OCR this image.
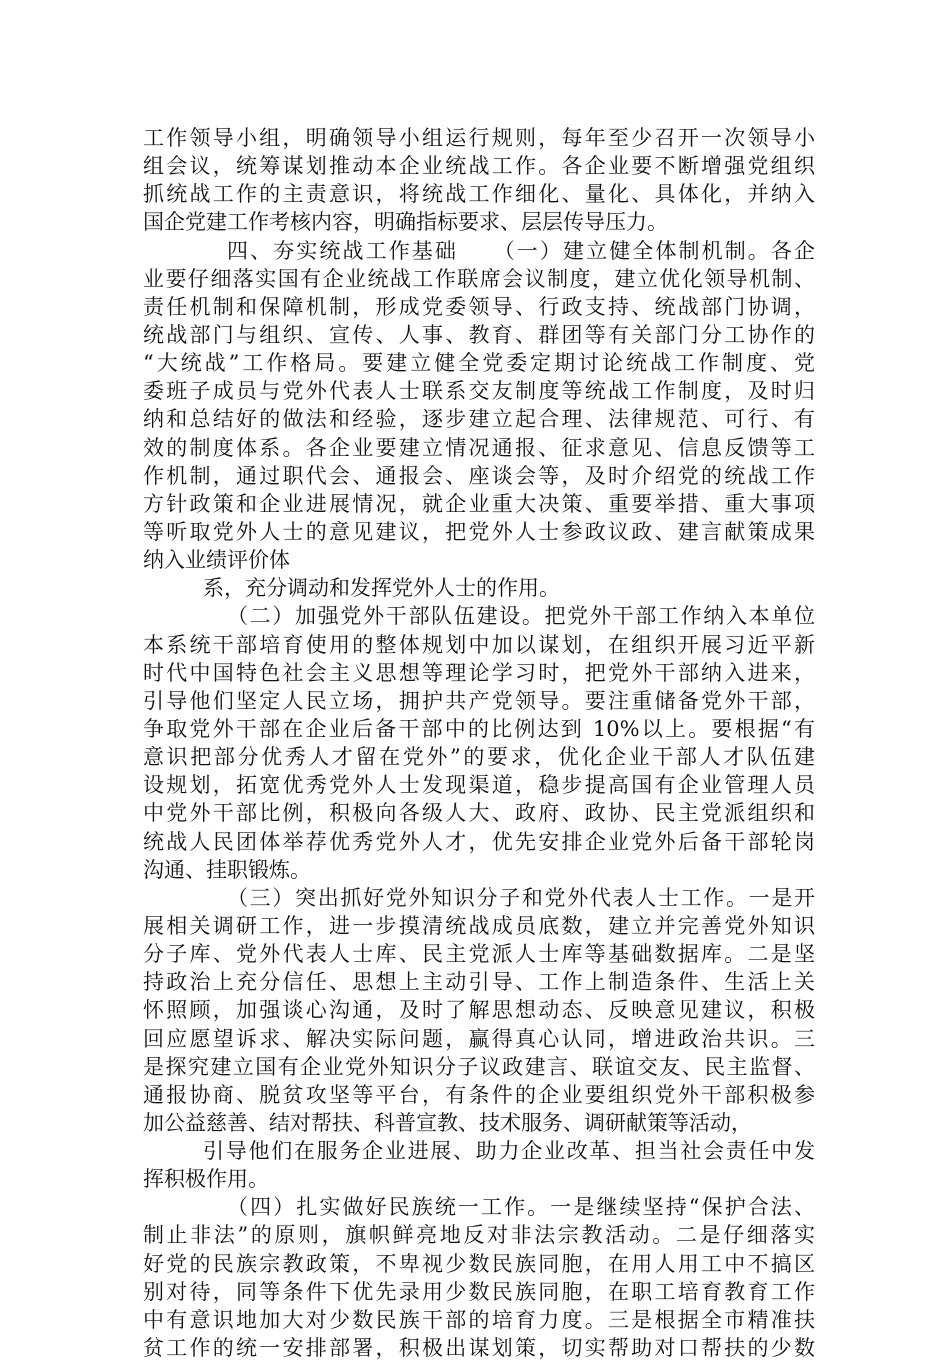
工作领导小组，明确领导小组运行规则，每年至少召开一次领导小
组会议，统筹谋划推动本企业统战工作。各企业要不断增强党组织
抓统战工作的主责意识，将统战工作细化、量化、具体化，并纳入
国企党建工作考核内容，明确指标要求、层层传导压力。
四、夯实统战工作基础　　（一）建立健全体制机制。各企
业要仔细落实国有企业统战工作联席会议制度，建立优化领导机制、
责任机制和保障机制，形成党委领导、行政支持、统战部门协调，
统战部门与组织、宣传、人事、教育、群团等有关部门分工协作的
“大统战”工作格局。要建立健全党委定期讨论统战工作制度、党
委班子成员与党外代表人士联系交友制度等统战工作制度，及时归
纳和总结好的做法和经验，逐步建立起合理、法律规范、可行、有
效的制度体系。各企业要建立情况通报、征求意见、信息反馈等工
作机制，通过职代会、通报会、座谈会等，及时介绍党的统战工作
方针政策和企业进展情况，就企业重大决策、重要举措、重大事项
等听取党外人士的意见建议，把党外人士参政议政、建言献策成果
纳入业绩评价体
系，充分调动和发挥党外人士的作用。
（二）加强党外干部队伍建设。把党外干部工作纳入本单位
本系统干部培育使用的整体规划中加以谋划，在组织开展习近平新
时代中国特色社会主义思想等理论学习时，把党外干部纳入进来，
引导他们坚定人民立场，拥护共产党领导。要注重储备党外干部，
争取党外干部在企业后备干部中的比例达到 10%以上。要根据“有
意识把部分优秀人才留在党外”的要求，优化企业干部人才队伍建
设规划，拓宽优秀党外人士发现渠道，稳步提高国有企业管理人员
中党外干部比例，积极向各级人大、政府、政协、民主党派组织和
统战人民团体举荐优秀党外人才，优先安排企业党外后备干部轮岗
沟通、挂职锻炼。
（三）突出抓好党外知识分子和党外代表人士工作。一是开
展相关调研工作，进一步摸清统战成员底数，建立并完善党外知识
分子库、党外代表人士库、民主党派人士库等基础数据库。二是坚
持政治上充分信任、思想上主动引导、工作上制造条件、生活上关
怀照顾，加强谈心沟通，及时了解思想动态、反映意见建议，积极
回应愿望诉求、解决实际问题，赢得真心认同，增进政治共识。三
是探究建立国有企业党外知识分子议政建言、联谊交友、民主监督、
通报协商、脱贫攻坚等平台，有条件的企业要组织党外干部积极参
加公益慈善、结对帮扶、科普宣教、技术服务、调研献策等活动，
引导他们在服务企业进展、助力企业改革、担当社会责任中发
挥积极作用。
（四）扎实做好民族统一工作。一是继续坚持“保护合法、
制止非法”的原则，旗帜鲜亮地反对非法宗教活动。二是仔细落实
好党的民族宗教政策，不卑视少数民族同胞，在用人用工中不搞区
别对待，同等条件下优先录用少数民族同胞，在职工培育教育工作
中有意识地加大对少数民族干部的培育力度。三是根据全市精准扶
贫工作的统一安排部署，积极出谋划策，切实帮助对口帮扶的少数
